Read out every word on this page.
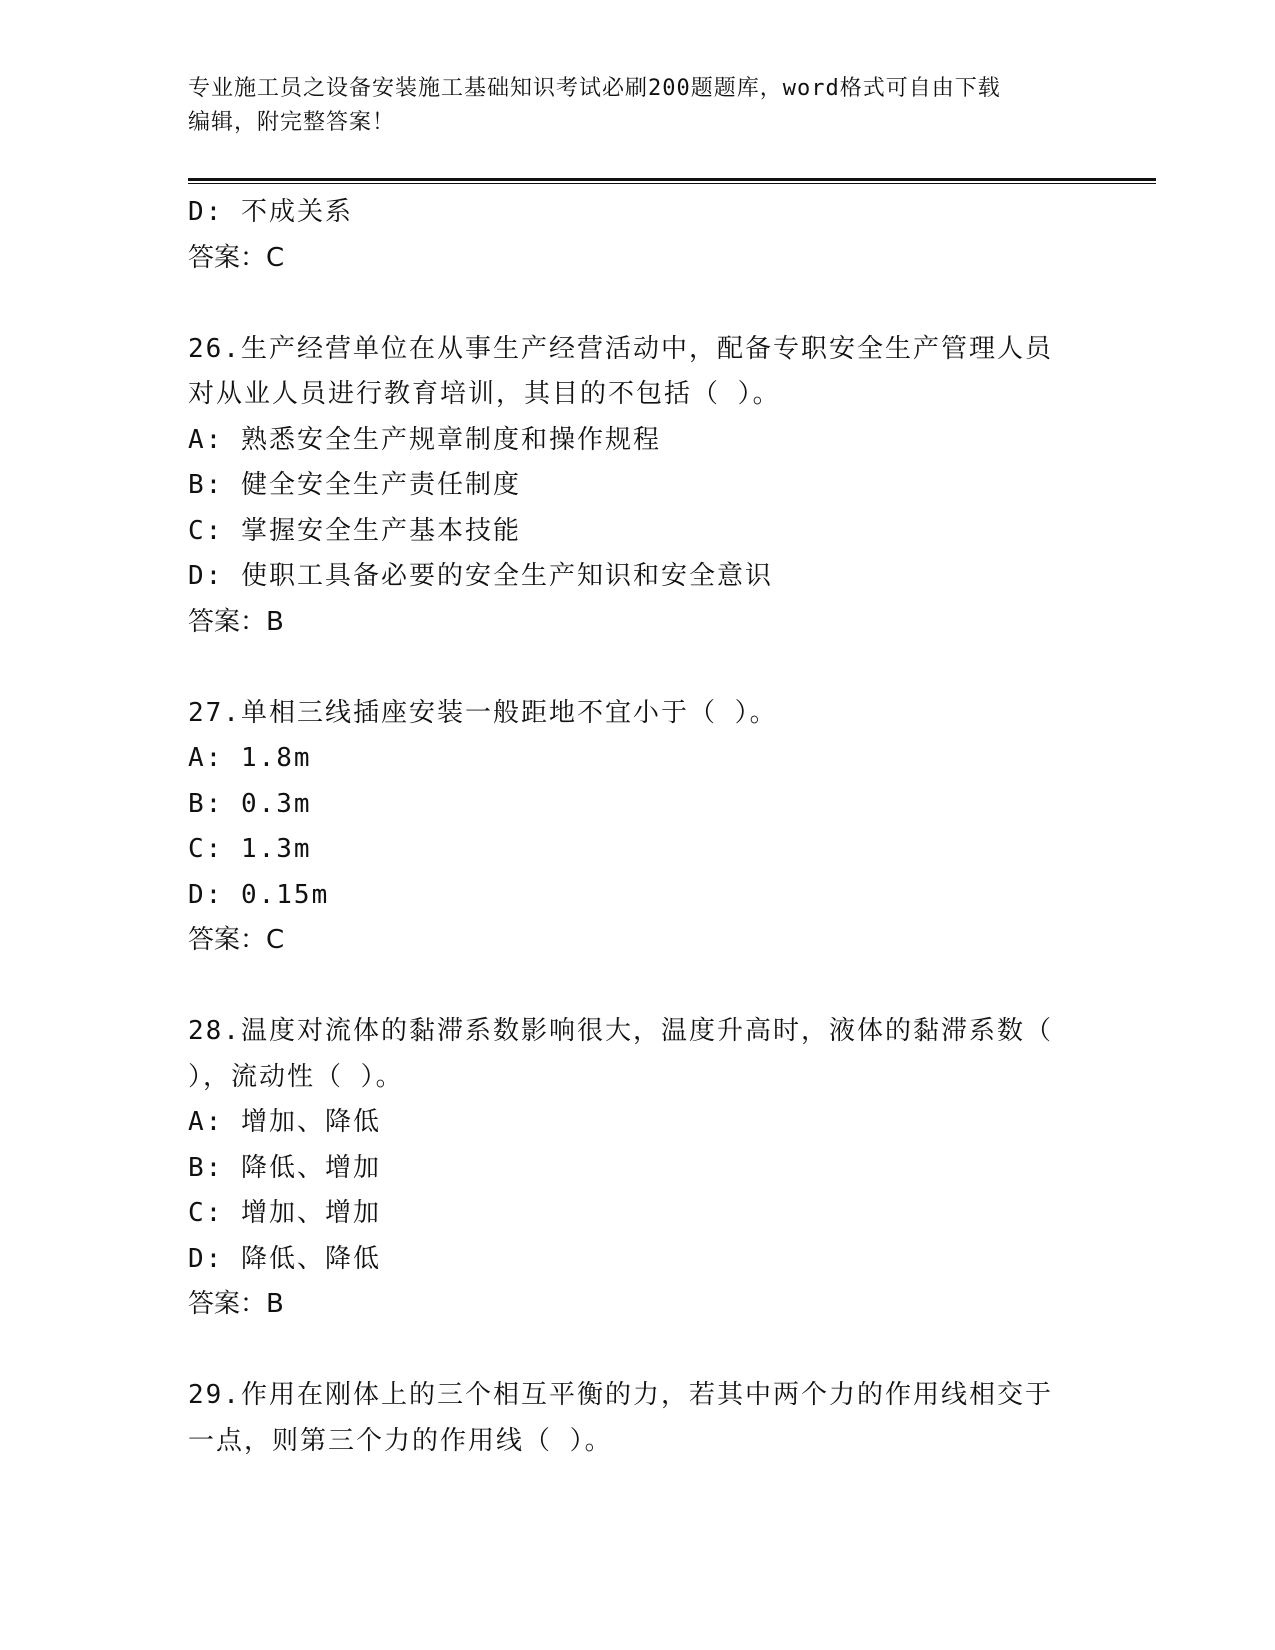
专业施工员之设备安装施工基础知识考试必刷200题题库，word格式可自由下载
编辑，附完整答案！
D: 不成关系
答案：C
26.生产经营单位在从事生产经营活动中，配备专职安全生产管理人员
对从业人员进行教育培训，其目的不包括（ ）。
A: 熟悉安全生产规章制度和操作规程
B: 健全安全生产责任制度
C: 掌握安全生产基本技能
D: 使职工具备必要的安全生产知识和安全意识
答案：B
27.单相三线插座安装一般距地不宜小于（ ）。
A: 1.8m
B: 0.3m
C: 1.3m
D: 0.15m
答案：C
28.温度对流体的黏滞系数影响很大，温度升高时，液体的黏滞系数（
），流动性（ ）。
A: 增加、降低
B: 降低、增加
C: 增加、增加
D: 降低、降低
答案：B
29.作用在刚体上的三个相互平衡的力，若其中两个力的作用线相交于
一点，则第三个力的作用线（ ）。
